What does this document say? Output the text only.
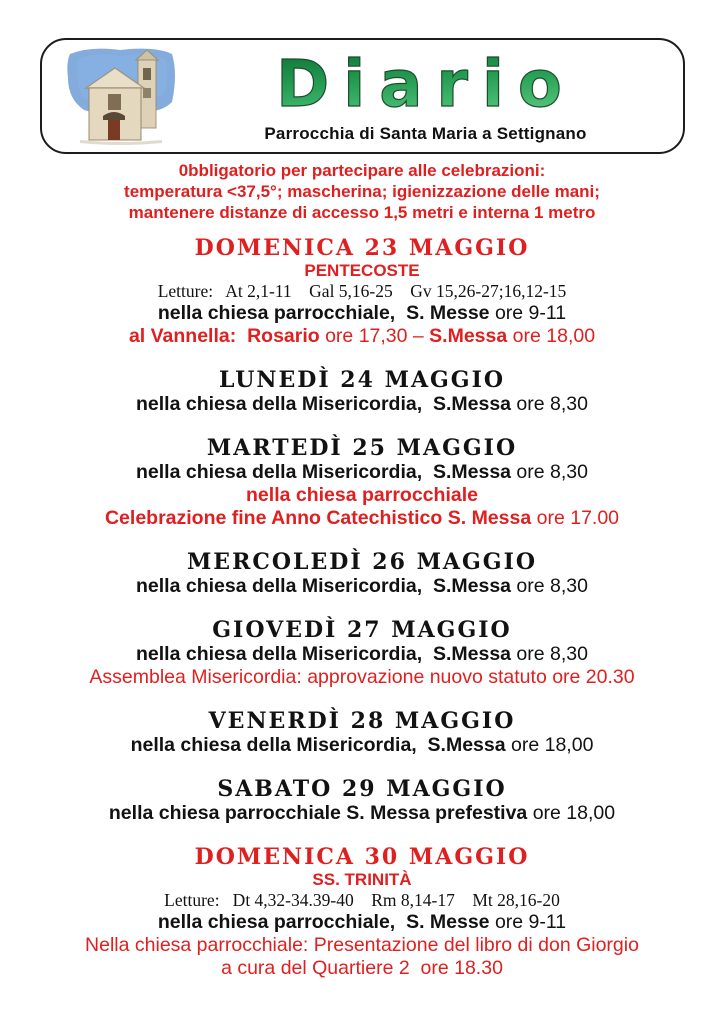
Diario
Parrocchia di Santa Maria a Settignano
0bbligatorio per partecipare alle celebrazioni:
temperatura <37,5°; mascherina; igienizzazione delle mani;
mantenere distanze di accesso 1,5 metri e interna 1 metro
DOMENICA 23 MAGGIO
PENTECOSTE
Letture:   At 2,1-11    Gal 5,16-25    Gv 15,26-27;16,12-15
nella chiesa parrocchiale,  S. Messe ore 9-11
al Vannella:  Rosario ore 17,30 – S.Messa ore 18,00
LUNEDÌ 24 MAGGIO
nella chiesa della Misericordia,  S.Messa ore 8,30
MARTEDÌ 25 MAGGIO
nella chiesa della Misericordia,  S.Messa ore 8,30
nella chiesa parrocchiale
Celebrazione fine Anno Catechistico S. Messa ore 17.00
MERCOLEDÌ 26 MAGGIO
nella chiesa della Misericordia,  S.Messa ore 8,30
GIOVEDÌ 27 MAGGIO
nella chiesa della Misericordia,  S.Messa ore 8,30
Assemblea Misericordia: approvazione nuovo statuto ore 20.30
VENERDÌ 28 MAGGIO
nella chiesa della Misericordia,  S.Messa ore 18,00
SABATO 29 MAGGIO
nella chiesa parrocchiale S. Messa prefestiva ore 18,00
DOMENICA 30 MAGGIO
SS. TRINITÀ
Letture:   Dt 4,32-34.39-40    Rm 8,14-17    Mt 28,16-20
nella chiesa parrocchiale,  S. Messe ore 9-11
Nella chiesa parrocchiale: Presentazione del libro di don Giorgio
a cura del Quartiere 2  ore 18.30
